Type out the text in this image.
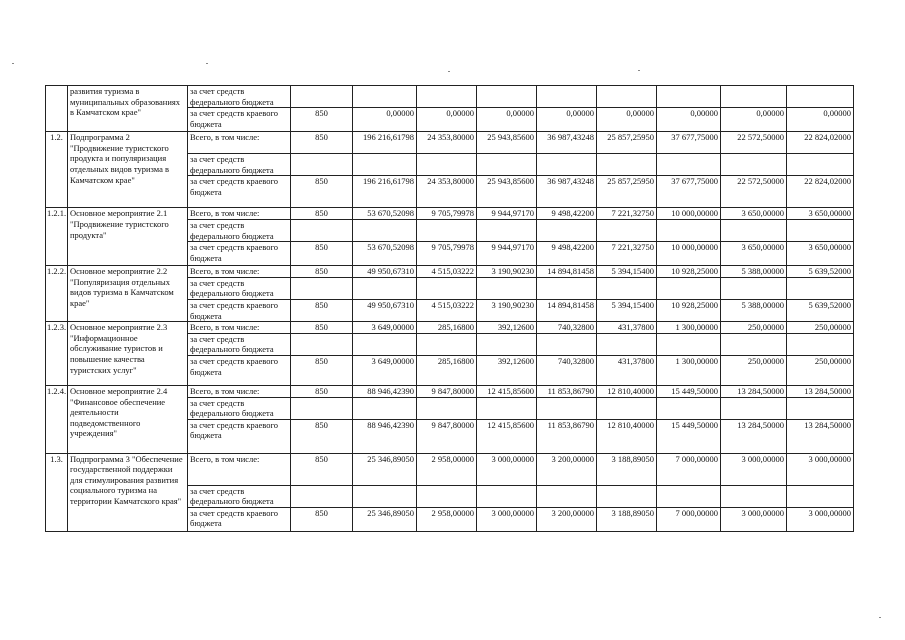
	развития туризма в муниципальных образованиях в Камчатском крае"	за счет средств федерального бюджета									
		за счет средств краевого бюджета	850	0,00000	0,00000	0,00000	0,00000	0,00000	0,00000	0,00000	0,00000
1.2.	Подпрограмма 2 "Продвижение туристского продукта и популяризация отдельных видов туризма в Камчатском крае"	Всего, в том числе:	850	196 216,61798	24 353,80000	25 943,85600	36 987,43248	25 857,25950	37 677,75000	22 572,50000	22 824,02000
		за счет средств федерального бюджета									
		за счет средств краевого бюджета	850	196 216,61798	24 353,80000	25 943,85600	36 987,43248	25 857,25950	37 677,75000	22 572,50000	22 824,02000
1.2.1.	Основное мероприятие 2.1 "Продвижение туристского продукта"	Всего, в том числе:	850	53 670,52098	9 705,79978	9 944,97170	9 498,42200	7 221,32750	10 000,00000	3 650,00000	3 650,00000
		за счет средств федерального бюджета									
		за счет средств краевого бюджета	850	53 670,52098	9 705,79978	9 944,97170	9 498,42200	7 221,32750	10 000,00000	3 650,00000	3 650,00000
1.2.2.	Основное мероприятие 2.2 "Популяризация отдельных видов туризма в Камчатском крае"	Всего, в том числе:	850	49 950,67310	4 515,03222	3 190,90230	14 894,81458	5 394,15400	10 928,25000	5 388,00000	5 639,52000
		за счет средств федерального бюджета									
		за счет средств краевого бюджета	850	49 950,67310	4 515,03222	3 190,90230	14 894,81458	5 394,15400	10 928,25000	5 388,00000	5 639,52000
1.2.3.	Основное мероприятие 2.3 "Информационное обслуживание туристов и повышение качества туристских услуг"	Всего, в том числе:	850	3 649,00000	285,16800	392,12600	740,32800	431,37800	1 300,00000	250,00000	250,00000
		за счет средств федерального бюджета									
		за счет средств краевого бюджета	850	3 649,00000	285,16800	392,12600	740,32800	431,37800	1 300,00000	250,00000	250,00000
1.2.4.	Основное мероприятие 2.4 "Финансовое обеспечение деятельности подведомственного учреждения"	Всего, в том числе:	850	88 946,42390	9 847,80000	12 415,85600	11 853,86790	12 810,40000	15 449,50000	13 284,50000	13 284,50000
		за счет средств федерального бюджета									
		за счет средств краевого бюджета	850	88 946,42390	9 847,80000	12 415,85600	11 853,86790	12 810,40000	15 449,50000	13 284,50000	13 284,50000
1.3.	Подпрограмма 3 "Обеспечение государственной поддержки для стимулирования развития социального туризма на территории Камчатского края"	Всего, в том числе:	850	25 346,89050	2 958,00000	3 000,00000	3 200,00000	3 188,89050	7 000,00000	3 000,00000	3 000,00000
		за счет средств федерального бюджета									
		за счет средств краевого бюджета	850	25 346,89050	2 958,00000	3 000,00000	3 200,00000	3 188,89050	7 000,00000	3 000,00000	3 000,00000
